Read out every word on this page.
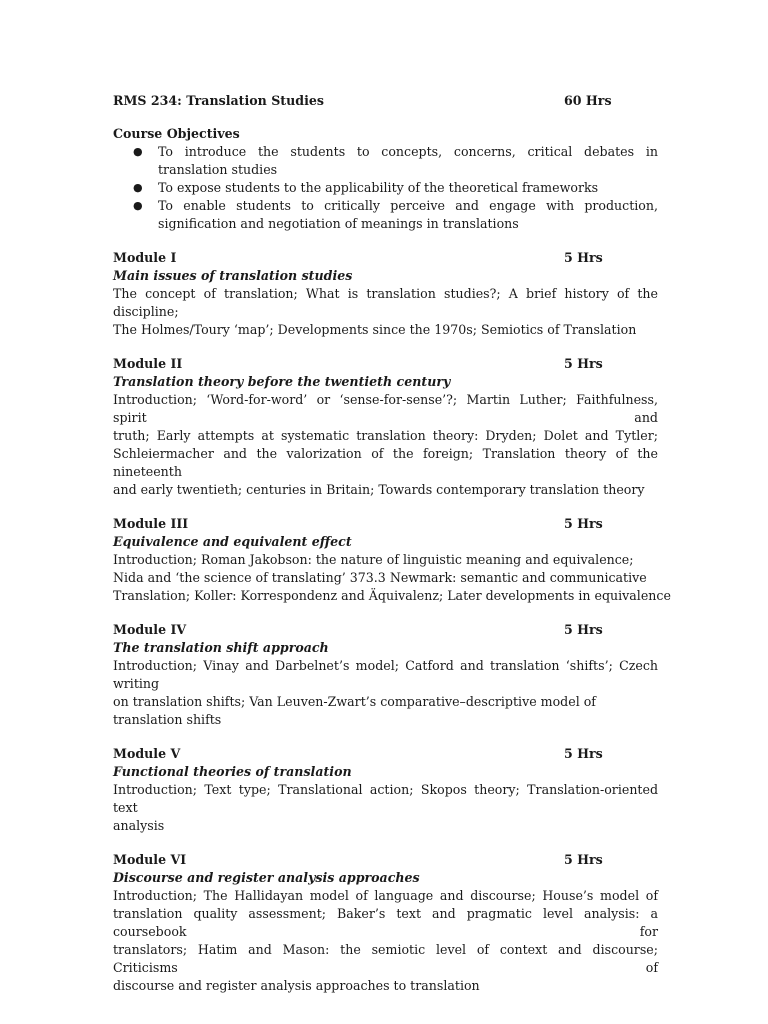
RMS 234: Translation Studies	60 Hrs
Course Objectives
● To introduce the students to concepts, concerns, critical debates in translation studies
● To expose students to the applicability of the theoretical frameworks
● To enable students to critically perceive and engage with production, signification and negotiation of meanings in translations
Module I	5 Hrs
Main issues of translation studies
The concept of translation; What is translation studies?; A brief history of the discipline;
The Holmes/Toury ‘map’; Developments since the 1970s; Semiotics of Translation
Module II	5 Hrs
Translation theory before the twentieth century
Introduction; ‘Word-for-word’ or ‘sense-for-sense’?; Martin Luther; Faithfulness, spirit and
truth; Early attempts at systematic translation theory: Dryden; Dolet and Tytler;
Schleiermacher and the valorization of the foreign; Translation theory of the nineteenth
and early twentieth; centuries in Britain; Towards contemporary translation theory
Module III	5 Hrs
Equivalence and equivalent effect
Introduction; Roman Jakobson: the nature of linguistic meaning and equivalence;
Nida and ‘the science of translating’ 373.3 Newmark: semantic and communicative
Translation; Koller: Korrespondenz and Äquivalenz; Later developments in equivalence
Module IV	5 Hrs
The translation shift approach
Introduction; Vinay and Darbelnet’s model; Catford and translation ‘shifts’; Czech writing
on translation shifts; Van Leuven-Zwart’s comparative–descriptive model of
translation shifts
Module V	5 Hrs
Functional theories of translation
Introduction; Text type; Translational action; Skopos theory; Translation-oriented text
analysis
Module VI	5 Hrs
Discourse and register analysis approaches
Introduction; The Hallidayan model of language and discourse; House’s model of
translation quality assessment; Baker’s text and pragmatic level analysis: a coursebook for
translators; Hatim and Mason: the semiotic level of context and discourse; Criticisms of
discourse and register analysis approaches to translation
